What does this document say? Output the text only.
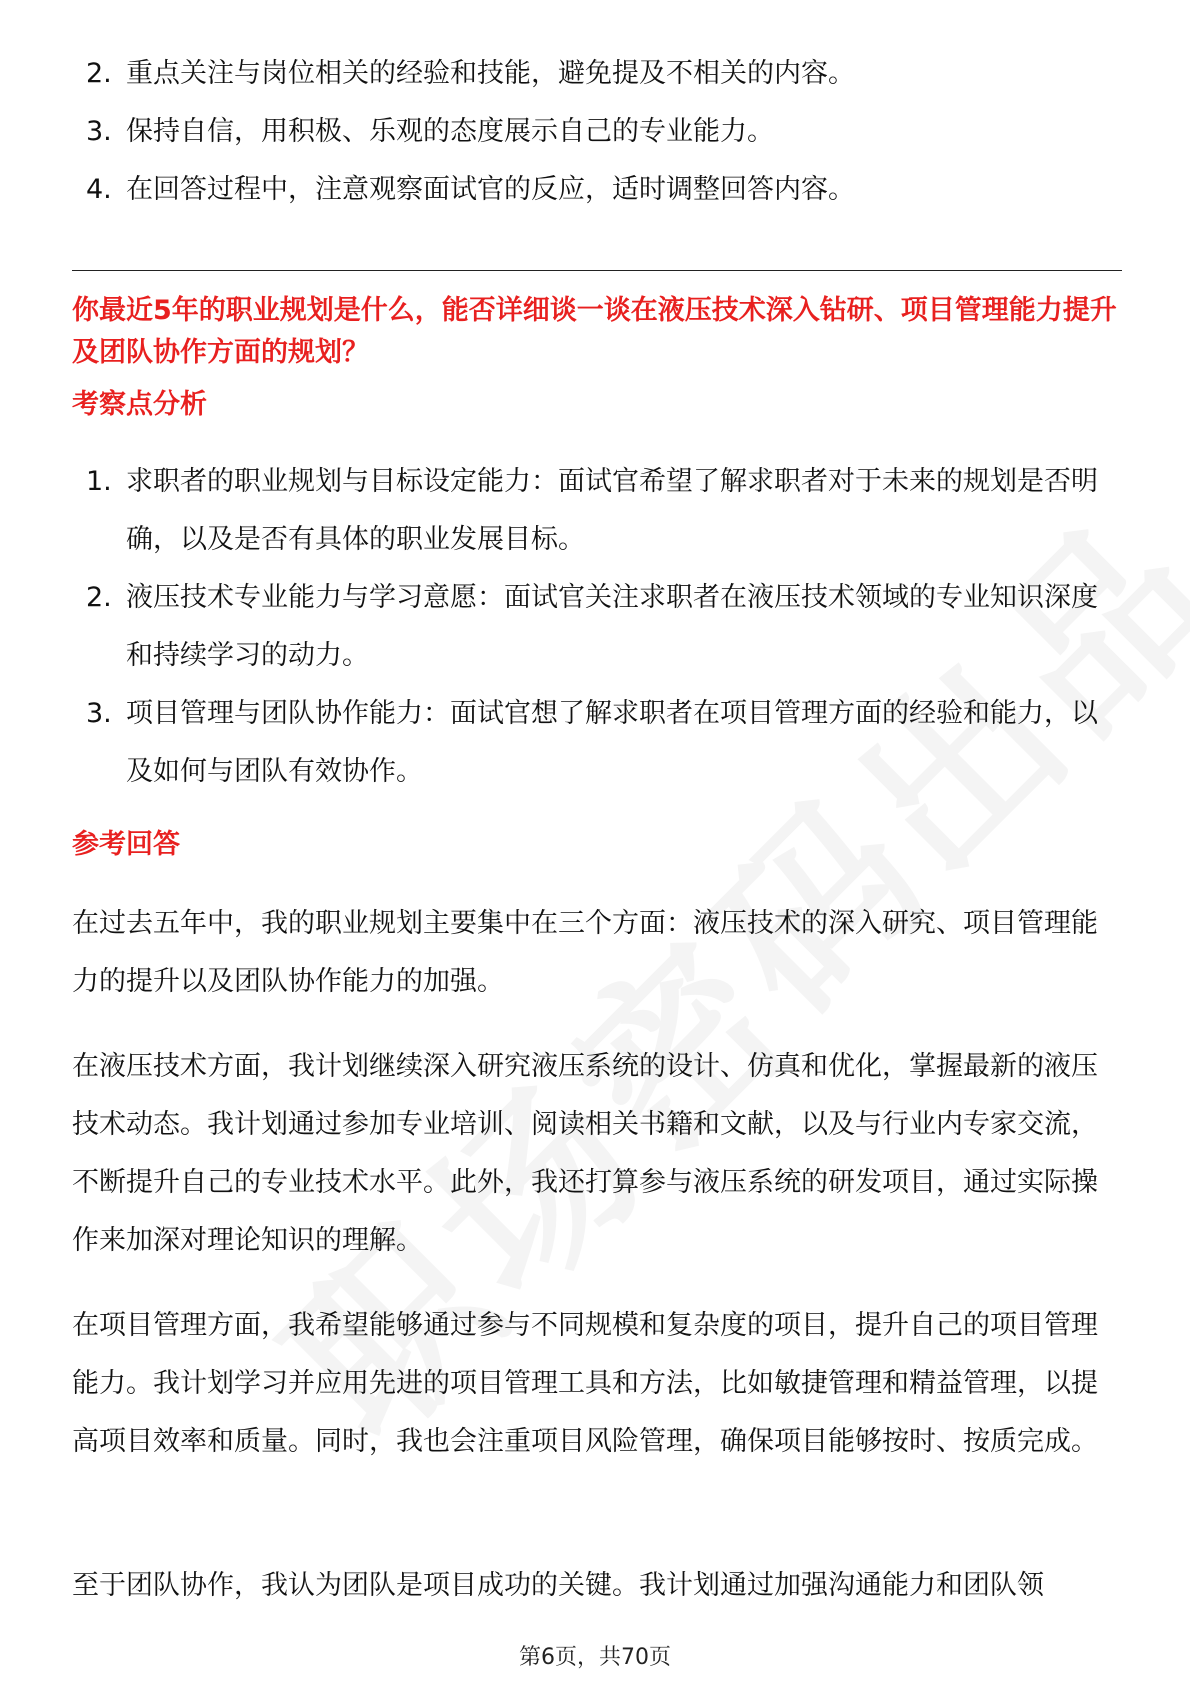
2. 重点关注与岗位相关的经验和技能，避免提及不相关的内容。
3. 保持自信，用积极、乐观的态度展示自己的专业能力。
4. 在回答过程中，注意观察面试官的反应，适时调整回答内容。
你最近5年的职业规划是什么，能否详细谈一谈在液压技术深入钻研、项目管理能力提升及团队协作方面的规划？
考察点分析
1. 求职者的职业规划与目标设定能力：面试官希望了解求职者对于未来的规划是否明确，以及是否有具体的职业发展目标。
2. 液压技术专业能力与学习意愿：面试官关注求职者在液压技术领域的专业知识深度和持续学习的动力。
3. 项目管理与团队协作能力：面试官想了解求职者在项目管理方面的经验和能力，以及如何与团队有效协作。
参考回答

在过去五年中，我的职业规划主要集中在三个方面：液压技术的深入研究、项目管理能力的提升以及团队协作能力的加强。

在液压技术方面，我计划继续深入研究液压系统的设计、仿真和优化，掌握最新的液压技术动态。我计划通过参加专业培训、阅读相关书籍和文献，以及与行业内专家交流，不断提升自己的专业技术水平。此外，我还打算参与液压系统的研发项目，通过实际操作来加深对理论知识的理解。

在项目管理方面，我希望能够通过参与不同规模和复杂度的项目，提升自己的项目管理能力。我计划学习并应用先进的项目管理工具和方法，比如敏捷管理和精益管理，以提高项目效率和质量。同时，我也会注重项目风险管理，确保项目能够按时、按质完成。

至于团队协作，我认为团队是项目成功的关键。我计划通过加强沟通能力和团队领

第6页，共70页
